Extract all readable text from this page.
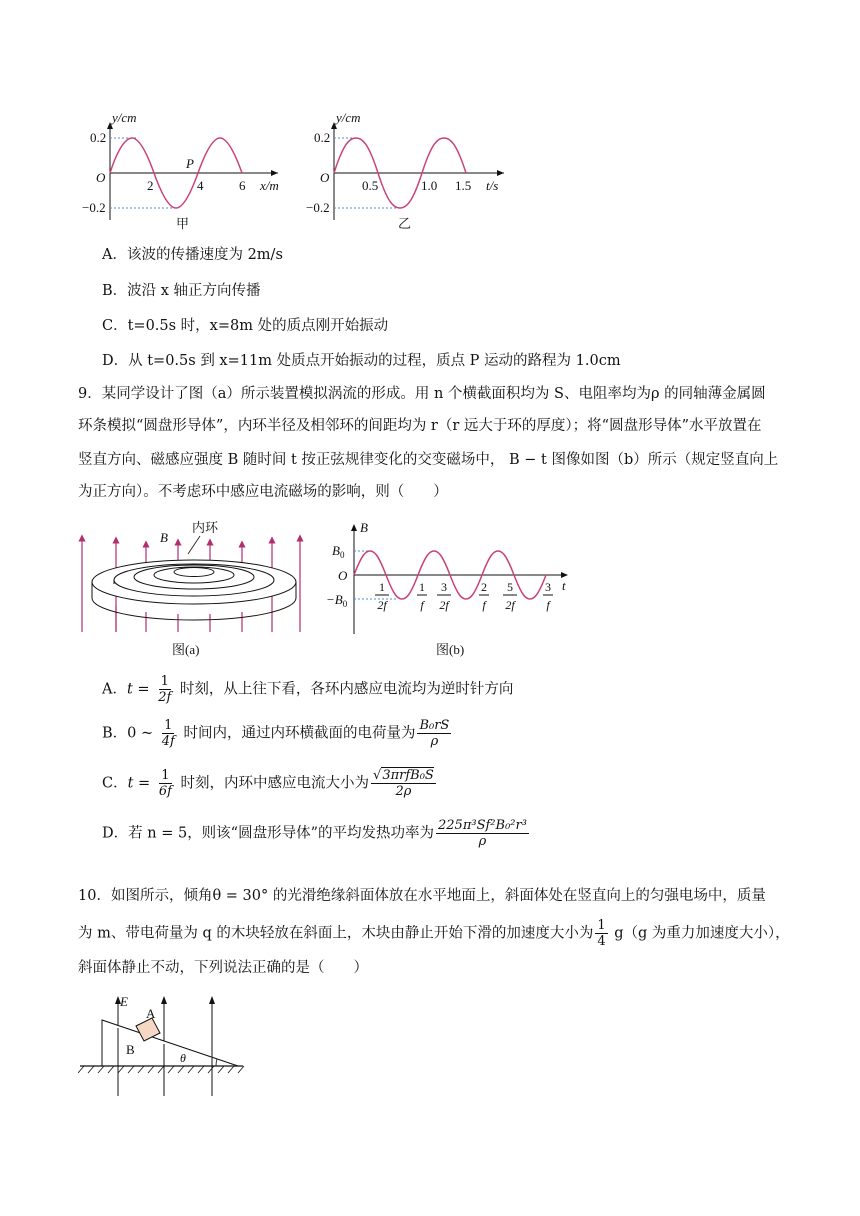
y/cm
0.2
−0.2
O
2	4	6 x/m
P
甲
y/cm
0.2
−0.2
O
0.5	1.0 1.5 t/s
乙
A．该波的传播速度为 2m/s
B．波沿 x 轴正方向传播
C．t=0.5s 时，x=8m 处的质点刚开始振动
D．从 t=0.5s 到 x=11m 处质点开始振动的过程，质点 P 运动的路程为 1.0cm
9．某同学设计了图（a）所示装置模拟涡流的形成。用 n 个横截面积均为 S、电阻率均为ρ 的同轴薄金属圆
环条模拟“圆盘形导体”，内环半径及相邻环的间距均为 r（r 远大于环的厚度）；将“圆盘形导体”水平放置在
竖直方向、磁感应强度 B 随时间 t 按正弦规律变化的交变磁场中， B − t 图像如图（b）所示（规定竖直向上
为正方向）。不考虑环中感应电流磁场的影响，则（　　）
B
内环
图(a)
B
$B_0$
O
$-B_0$
t
1
2f
1
f
3
2f
2
f
5
2f
3
f
图(b)
A．$t = \frac{1}{2f}$ 时刻，从上往下看，各环内感应电流均为逆时针方向
B．0 ~ $\frac{1}{4f}$ 时间内，通过内环横截面的电荷量为 $\frac{\text{B₀rS}}{\rho}$
C．$t = \frac{1}{6f}$ 时刻，内环中感应电流大小为 $\frac{\text{√3πrfB₀S}}{2\rho}$
D．若 n = 5，则该“圆盘形导体”的平均发热功率为 $\frac{\text{225π³Sf²B₀²r³}}{\rho}$
10．如图所示，倾角θ = 30° 的光滑绝缘斜面体放在水平地面上，斜面体处在竖直向上的匀强电场中，质量
为 m、带电荷量为 q 的木块轻放在斜面上，木块由静止开始下滑的加速度大小为 $\frac{1}{4} g(g$ 为重力加速度大小），
斜面体静止不动，下列说法正确的是（　　）
E
A
B
θ
